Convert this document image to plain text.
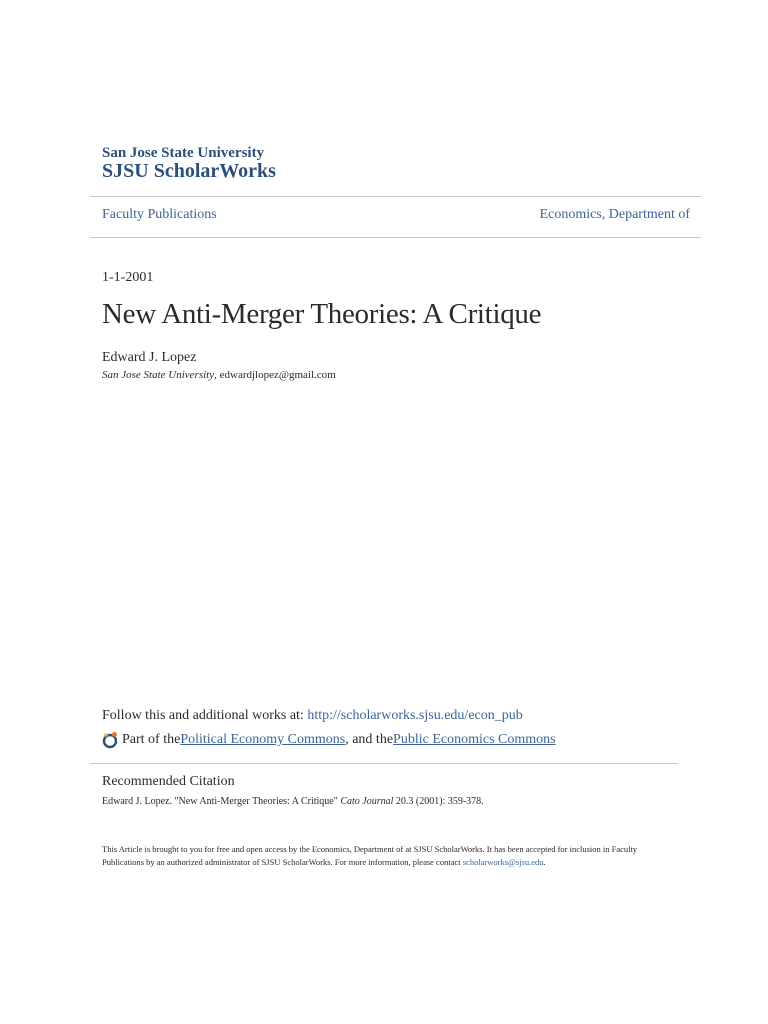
San Jose State University
SJSU ScholarWorks
Faculty Publications	Economics, Department of
1-1-2001
New Anti-Merger Theories: A Critique
Edward J. Lopez
San Jose State University, edwardjlopez@gmail.com
Follow this and additional works at: http://scholarworks.sjsu.edu/econ_pub
Part of the Political Economy Commons , and the Public Economics Commons
Recommended Citation
Edward J. Lopez. "New Anti-Merger Theories: A Critique" Cato Journal 20.3 (2001): 359-378.
This Article is brought to you for free and open access by the Economics, Department of at SJSU ScholarWorks. It has been accepted for inclusion in Faculty Publications by an authorized administrator of SJSU ScholarWorks. For more information, please contact scholarworks@sjsu.edu.
